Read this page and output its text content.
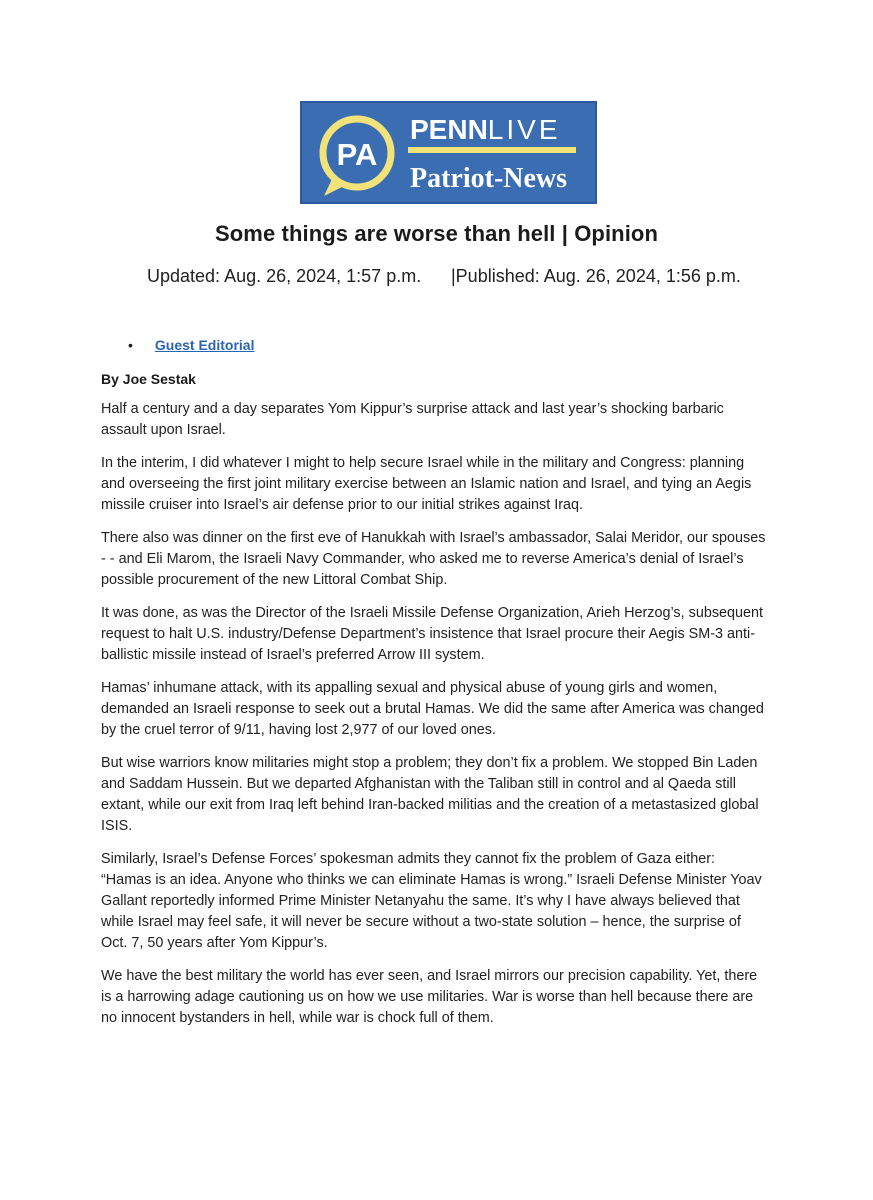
PA
PENNLIVE
Patriot-News
Some things are worse than hell | Opinion
Updated: Aug. 26, 2024, 1:57 p.m. |Published: Aug. 26, 2024, 1:56 p.m.
• Guest Editorial
By Joe Sestak

Half a century and a day separates Yom Kippur’s surprise attack and last year’s shocking barbaric assault upon Israel.

In the interim, I did whatever I might to help secure Israel while in the military and Congress: planning and overseeing the first joint military exercise between an Islamic nation and Israel, and tying an Aegis missile cruiser into Israel’s air defense prior to our initial strikes against Iraq.

There also was dinner on the first eve of Hanukkah with Israel’s ambassador, Salai Meridor, our spouses - - and Eli Marom, the Israeli Navy Commander, who asked me to reverse America’s denial of Israel’s possible procurement of the new Littoral Combat Ship.

It was done, as was the Director of the Israeli Missile Defense Organization, Arieh Herzog’s, subsequent request to halt U.S. industry/Defense Department’s insistence that Israel procure their Aegis SM-3 anti-ballistic missile instead of Israel’s preferred Arrow III system.

Hamas’ inhumane attack, with its appalling sexual and physical abuse of young girls and women, demanded an Israeli response to seek out a brutal Hamas. We did the same after America was changed by the cruel terror of 9/11, having lost 2,977 of our loved ones.

But wise warriors know militaries might stop a problem; they don’t fix a problem. We stopped Bin Laden and Saddam Hussein. But we departed Afghanistan with the Taliban still in control and al Qaeda still extant, while our exit from Iraq left behind Iran-backed militias and the creation of a metastasized global ISIS.

Similarly, Israel’s Defense Forces’ spokesman admits they cannot fix the problem of Gaza either: “Hamas is an idea. Anyone who thinks we can eliminate Hamas is wrong.” Israeli Defense Minister Yoav Gallant reportedly informed Prime Minister Netanyahu the same. It’s why I have always believed that while Israel may feel safe, it will never be secure without a two-state solution – hence, the surprise of Oct. 7, 50 years after Yom Kippur’s.

We have the best military the world has ever seen, and Israel mirrors our precision capability. Yet, there is a harrowing adage cautioning us on how we use militaries. War is worse than hell because there are no innocent bystanders in hell, while war is chock full of them.
